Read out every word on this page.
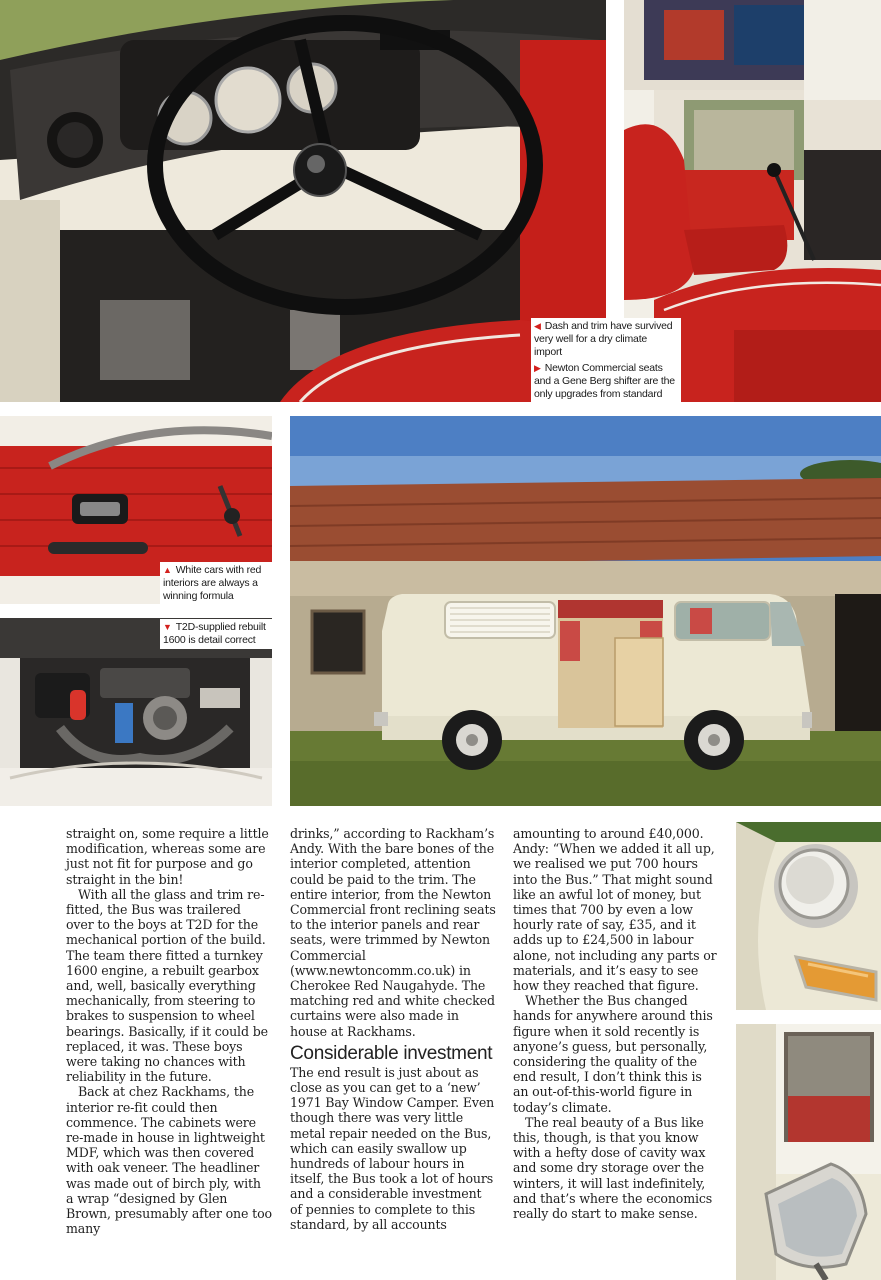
◀ Dash and trim have survived very well for a dry climate import
▶ Newton Commercial seats and a Gene Berg shifter are the only upgrades from standard
▲ White cars with red interiors are always a winning formula
▼ T2D-supplied rebuilt 1600 is detail correct

straight on, some require a little modification, whereas some are just not fit for purpose and go straight in the bin!

With all the glass and trim re-fitted, the Bus was trailered over to the boys at T2D for the mechanical portion of the build. The team there fitted a turnkey 1600 engine, a rebuilt gearbox and, well, basically everything mechanically, from steering to brakes to suspension to wheel bearings. Basically, if it could be replaced, it was. These boys were taking no chances with reliability in the future.

Back at chez Rackhams, the interior re-fit could then commence. The cabinets were re-made in house in lightweight MDF, which was then covered with oak veneer. The headliner was made out of birch ply, with a wrap “designed by Glen Brown, presumably after one too many

drinks,” according to Rackham’s Andy. With the bare bones of the interior completed, attention could be paid to the trim. The entire interior, from the Newton Commercial front reclining seats to the interior panels and rear seats, were trimmed by Newton Commercial (www.newtoncomm.co.uk) in Cherokee Red Naugahyde. The matching red and white checked curtains were also made in house at Rackhams.

Considerable investment

The end result is just about as close as you can get to a ‘new’ 1971 Bay Window Camper. Even though there was very little metal repair needed on the Bus, which can easily swallow up hundreds of labour hours in itself, the Bus took a lot of hours and a considerable investment of pennies to complete to this standard, by all accounts

amounting to around £40,000. Andy: “When we added it all up, we realised we put 700 hours into the Bus.” That might sound like an awful lot of money, but times that 700 by even a low hourly rate of say, £35, and it adds up to £24,500 in labour alone, not including any parts or materials, and it’s easy to see how they reached that figure.

Whether the Bus changed hands for anywhere around this figure when it sold recently is anyone’s guess, but personally, considering the quality of the end result, I don’t think this is an out-of-this-world figure in today’s climate.

The real beauty of a Bus like this, though, is that you know with a hefty dose of cavity wax and some dry storage over the winters, it will last indefinitely, and that’s where the economics really do start to make sense.
